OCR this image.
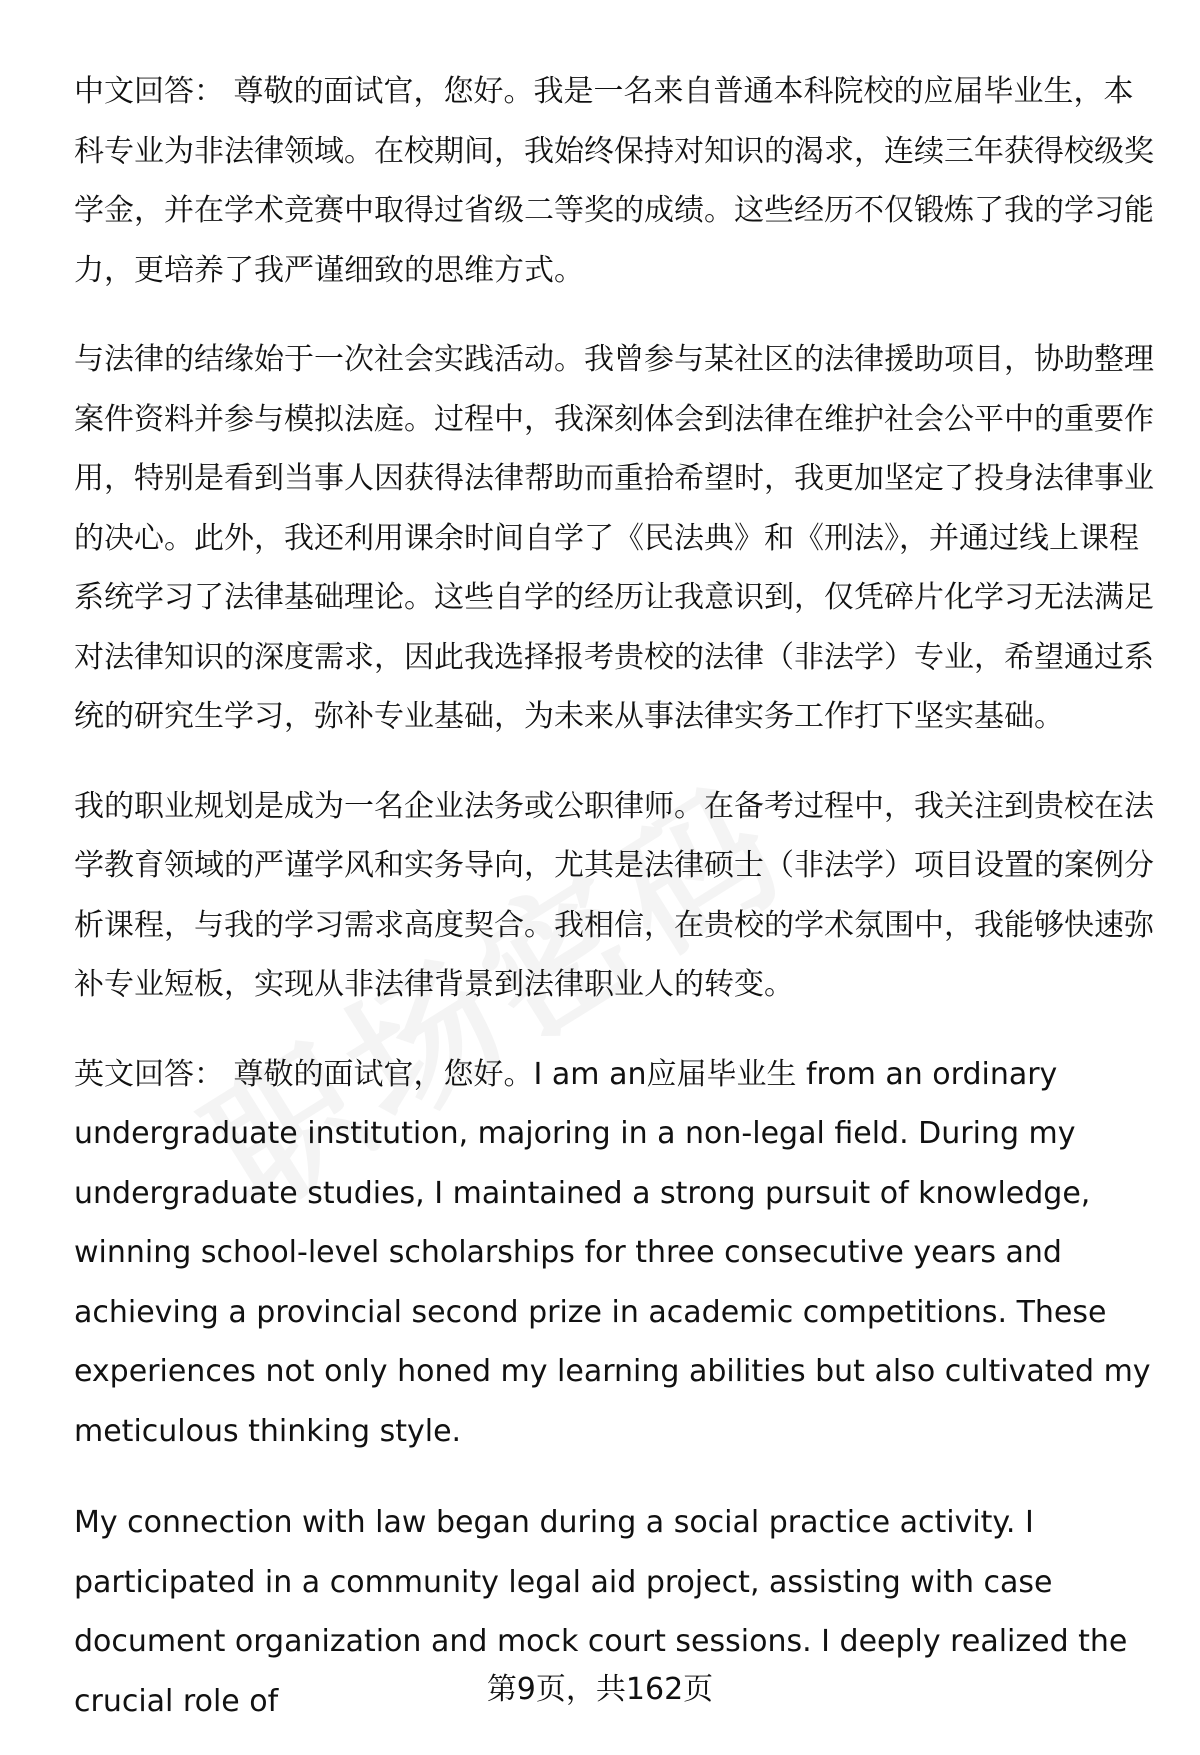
中文回答： 尊敬的面试官，您好。我是一名来自普通本科院校的应届毕业生，本科专业为非法律领域。在校期间，我始终保持对知识的渴求，连续三年获得校级奖学金，并在学术竞赛中取得过省级二等奖的成绩。这些经历不仅锻炼了我的学习能力，更培养了我严谨细致的思维方式。

与法律的结缘始于一次社会实践活动。我曾参与某社区的法律援助项目，协助整理案件资料并参与模拟法庭。过程中，我深刻体会到法律在维护社会公平中的重要作用，特别是看到当事人因获得法律帮助而重拾希望时，我更加坚定了投身法律事业的决心。此外，我还利用课余时间自学了《民法典》和《刑法》，并通过线上课程系统学习了法律基础理论。这些自学的经历让我意识到，仅凭碎片化学习无法满足对法律知识的深度需求，因此我选择报考贵校的法律（非法学）专业，希望通过系统的研究生学习，弥补专业基础，为未来从事法律实务工作打下坚实基础。

我的职业规划是成为一名企业法务或公职律师。在备考过程中，我关注到贵校在法学教育领域的严谨学风和实务导向，尤其是法律硕士（非法学）项目设置的案例分析课程，与我的学习需求高度契合。我相信，在贵校的学术氛围中，我能够快速弥补专业短板，实现从非法律背景到法律职业人的转变。

英文回答： 尊敬的面试官，您好。I am an应届毕业生 from an ordinary undergraduate institution, majoring in a non-legal field. During my undergraduate studies, I maintained a strong pursuit of knowledge, winning school-level scholarships for three consecutive years and achieving a provincial second prize in academic competitions. These experiences not only honed my learning abilities but also cultivated my meticulous thinking style.

My connection with law began during a social practice activity. I participated in a community legal aid project, assisting with case document organization and mock court sessions. I deeply realized the crucial role of	第9页，共162页
